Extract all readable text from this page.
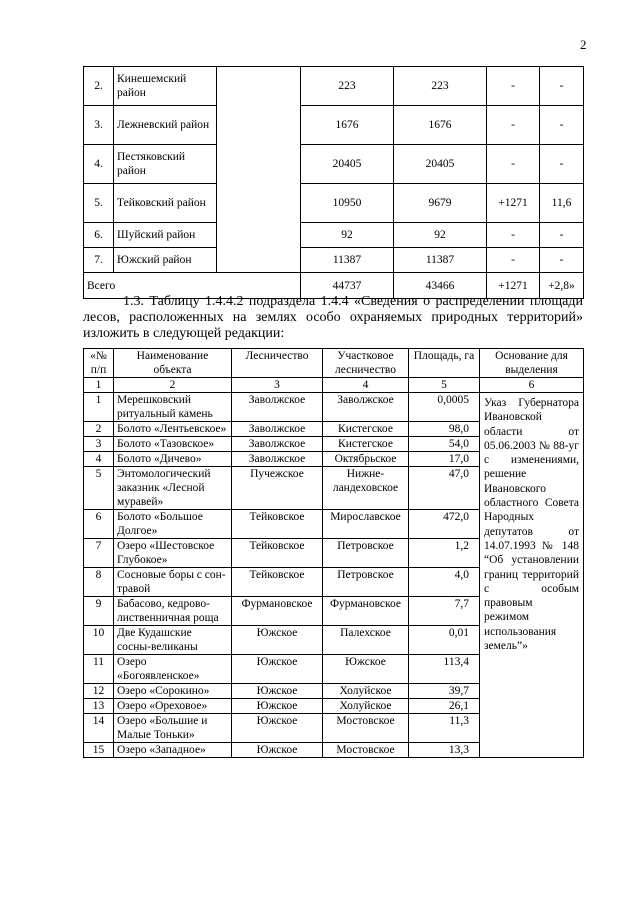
2
2.	Кинешемский район		223	223	-	-
3.	Лежневский район		1676	1676	-	-
4.	Пестяковский район		20405	20405	-	-
5.	Тейковский район		10950	9679	+1271	11,6
6.	Шуйский район		92	92	-	-
7.	Южский район		11387	11387	-	-
Всего			44737	43466	+1271	+2,8»
1.3. Таблицу 1.4.4.2 подраздела 1.4.4 «Сведения о распределении площади лесов, расположенных на землях особо охраняемых природных территорий» изложить в следующей редакции:
«№ п/п	Наименование объекта	Лесничество	Участковое лесничество	Площадь, га	Основание для выделения
1	2	3	4	5	6
1	Мерешковский ритуальный камень	Заволжское	Заволжское	0,0005	Указ Губернатора Ивановской области от 05.06.2003 № 88-уг с изменениями, решение Ивановского областного Совета Народных депутатов от 14.07.1993 № 148 “Об установлении границ территорий с особым правовым режимом использования земель”»
2	Болото «Лентьевское»	Заволжское	Кистегское	98,0	
3	Болото «Тазовское»	Заволжское	Кистегское	54,0	
4	Болото «Дичево»	Заволжское	Октябрьское	17,0	
5	Энтомологический заказник «Лесной муравей»	Пучежское	Нижне-ландеховское	47,0	
6	Болото «Большое Долгое»	Тейковское	Мирославское	472,0	
7	Озеро «Шестовское Глубокое»	Тейковское	Петровское	1,2	
8	Сосновые боры с сон-травой	Тейковское	Петровское	4,0	
9	Бабасово, кедрово-лиственничная роща	Фурмановское	Фурмановское	7,7	
10	Две Кудашские сосны-великаны	Южское	Палехское	0,01	
11	Озеро «Богоявленское»	Южское	Южское	113,4	
12	Озеро «Сорокино»	Южское	Холуйское	39,7	
13	Озеро «Ореховое»	Южское	Холуйское	26,1	
14	Озеро «Большие и Малые Тоньки»	Южское	Мостовское	11,3	
15	Озеро «Западное»	Южское	Мостовское	13,3	
